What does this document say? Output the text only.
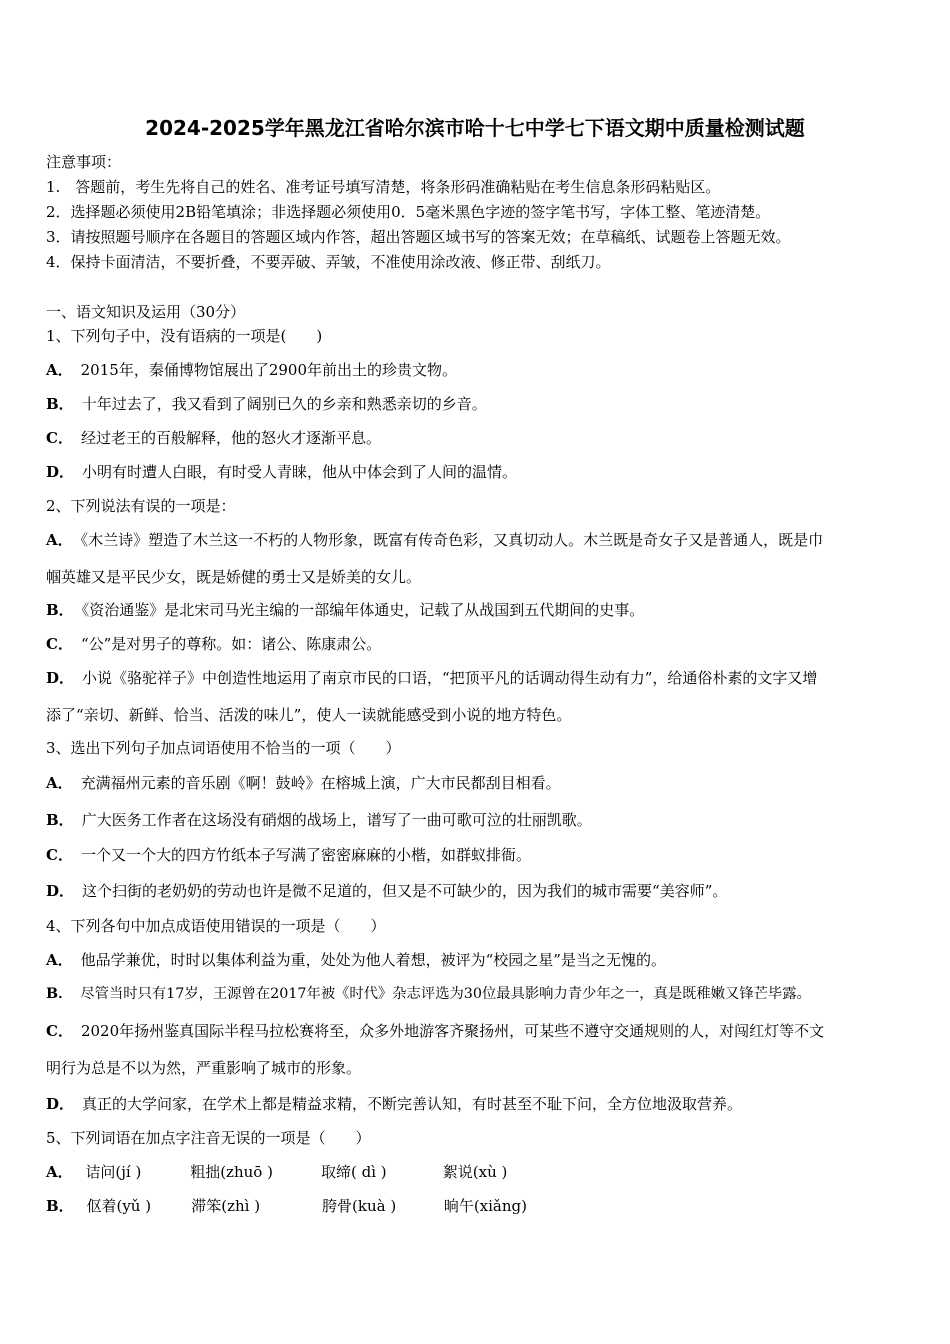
2024-2025学年黑龙江省哈尔滨市哈十七中学七下语文期中质量检测试题
注意事项：
1.　答题前，考生先将自己的姓名、准考证号填写清楚，将条形码准确粘贴在考生信息条形码粘贴区。
2．选择题必须使用2B铅笔填涂；非选择题必须使用0．5毫米黑色字迹的签字笔书写，字体工整、笔迹清楚。
3．请按照题号顺序在各题目的答题区域内作答，超出答题区域书写的答案无效；在草稿纸、试题卷上答题无效。
4．保持卡面清洁，不要折叠，不要弄破、弄皱，不准使用涂改液、修正带、刮纸刀。
一、语文知识及运用（30分）
1、下列句子中，没有语病的一项是(　　)
A． 2015年，秦俑博物馆展出了2900年前出土的珍贵文物。
B． 十年过去了，我又看到了阔别已久的乡亲和熟悉亲切的乡音。
C． 经过老王的百般解释，他的怒火才逐渐平息。
D． 小明有时遭人白眼，有时受人青睐，他从中体会到了人间的温情。
2、下列说法有误的一项是：
A． 《木兰诗》塑造了木兰这一不朽的人物形象，既富有传奇色彩，又真切动人。木兰既是奇女子又是普通人，既是巾
帼英雄又是平民少女，既是娇健的勇士又是娇美的女儿。
B． 《资治通鉴》是北宋司马光主编的一部编年体通史，记载了从战国到五代期间的史事。
C． “公”是对男子的尊称。如：诸公、陈康肃公。
D． 小说《骆驼祥子》中创造性地运用了南京市民的口语，“把顶平凡的话调动得生动有力”，给通俗朴素的文字又增
添了“亲切、新鲜、恰当、活泼的味儿”，使人一读就能感受到小说的地方特色。
3、选出下列句子加点词语使用不恰当的一项（　　）
A． 充满福州元素的音乐剧《啊！鼓岭》在榕城上演，广大市民都刮目相看。
B． 广大医务工作者在这场没有硝烟的战场上，谱写了一曲可歌可泣的壮丽凯歌。
C． 一个又一个大的四方竹纸本子写满了密密麻麻的小楷，如群蚁排衙。
D． 这个扫街的老奶奶的劳动也许是微不足道的，但又是不可缺少的，因为我们的城市需要“美容师”。
4、下列各句中加点成语使用错误的一项是（　　）
A． 他品学兼优，时时以集体利益为重，处处为他人着想，被评为“校园之星”是当之无愧的。
B． 尽管当时只有17岁，王源曾在2017年被《时代》杂志评选为30位最具影响力青少年之一，真是既稚嫩又锋芒毕露。
C． 2020年扬州鉴真国际半程马拉松赛将至，众多外地游客齐聚扬州，可某些不遵守交通规则的人，对闯红灯等不文
明行为总是不以为然，严重影响了城市的形象。
D． 真正的大学问家，在学术上都是精益求精，不断完善认知，有时甚至不耻下问，全方位地汲取营养。
5、下列词语在加点字注音无误的一项是（　　）
A． 诘问(jí )	粗拙(zhuō )	取缔( dì )	絮说(xù )
B． 伛着(yǔ )	滞笨(zhì )	胯骨(kuà )	晌午(xiǎng)
